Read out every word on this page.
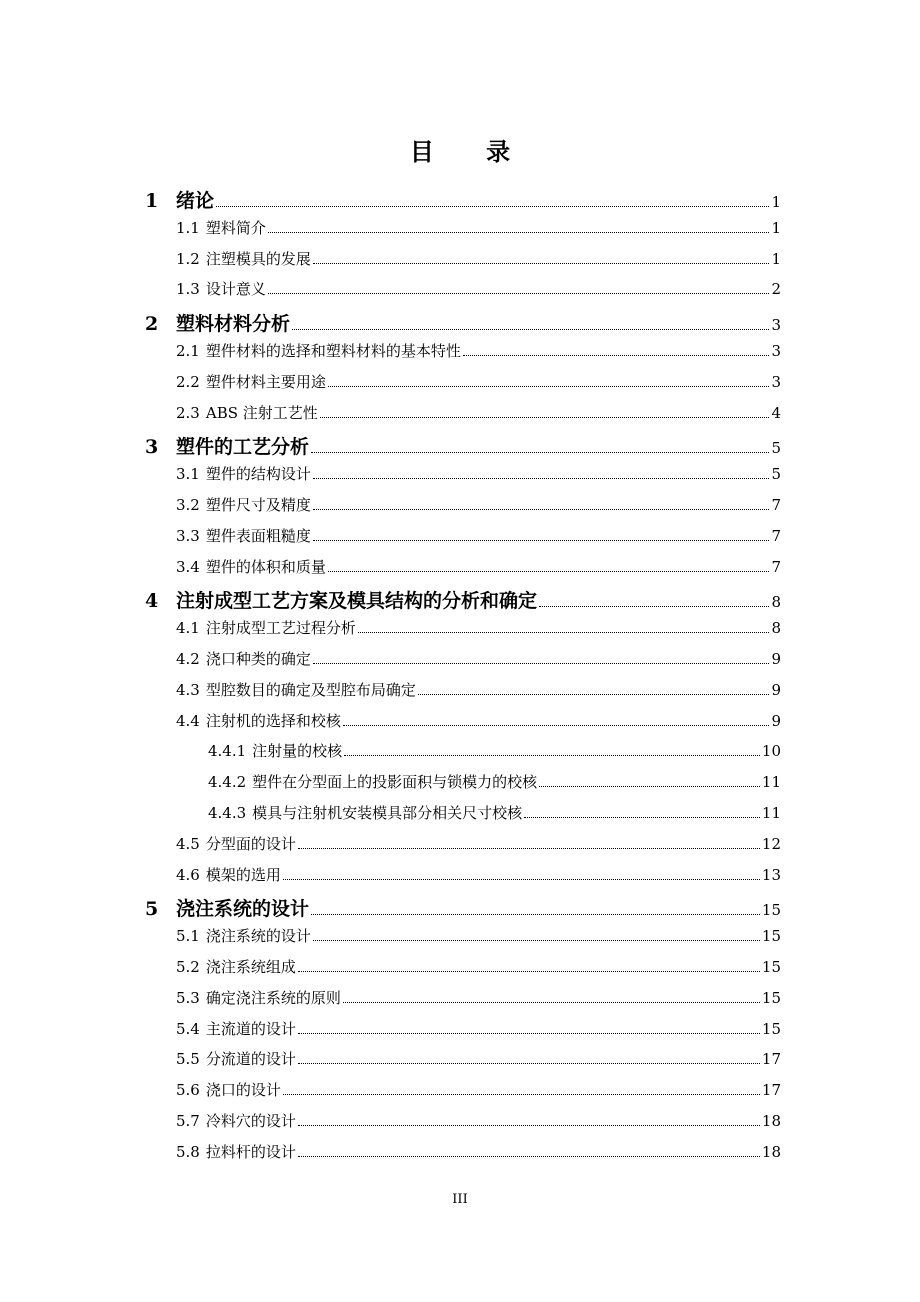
目 录
1 绪论	1
1.1 塑料简介	1
1.2 注塑模具的发展	1
1.3 设计意义	2
2 塑料材料分析	3
2.1 塑件材料的选择和塑料材料的基本特性	3
2.2 塑件材料主要用途	3
2.3 ABS 注射工艺性	4
3 塑件的工艺分析	5
3.1 塑件的结构设计	5
3.2 塑件尺寸及精度	7
3.3 塑件表面粗糙度	7
3.4 塑件的体积和质量	7
4 注射成型工艺方案及模具结构的分析和确定	8
4.1 注射成型工艺过程分析	8
4.2 浇口种类的确定	9
4.3 型腔数目的确定及型腔布局确定	9
4.4 注射机的选择和校核	9
4.4.1 注射量的校核	10
4.4.2 塑件在分型面上的投影面积与锁模力的校核	11
4.4.3 模具与注射机安装模具部分相关尺寸校核	11
4.5 分型面的设计	12
4.6 模架的选用	13
5 浇注系统的设计	15
5.1 浇注系统的设计	15
5.2 浇注系统组成	15
5.3 确定浇注系统的原则	15
5.4 主流道的设计	15
5.5 分流道的设计	17
5.6 浇口的设计	17
5.7 冷料穴的设计	18
5.8 拉料杆的设计	18
III
